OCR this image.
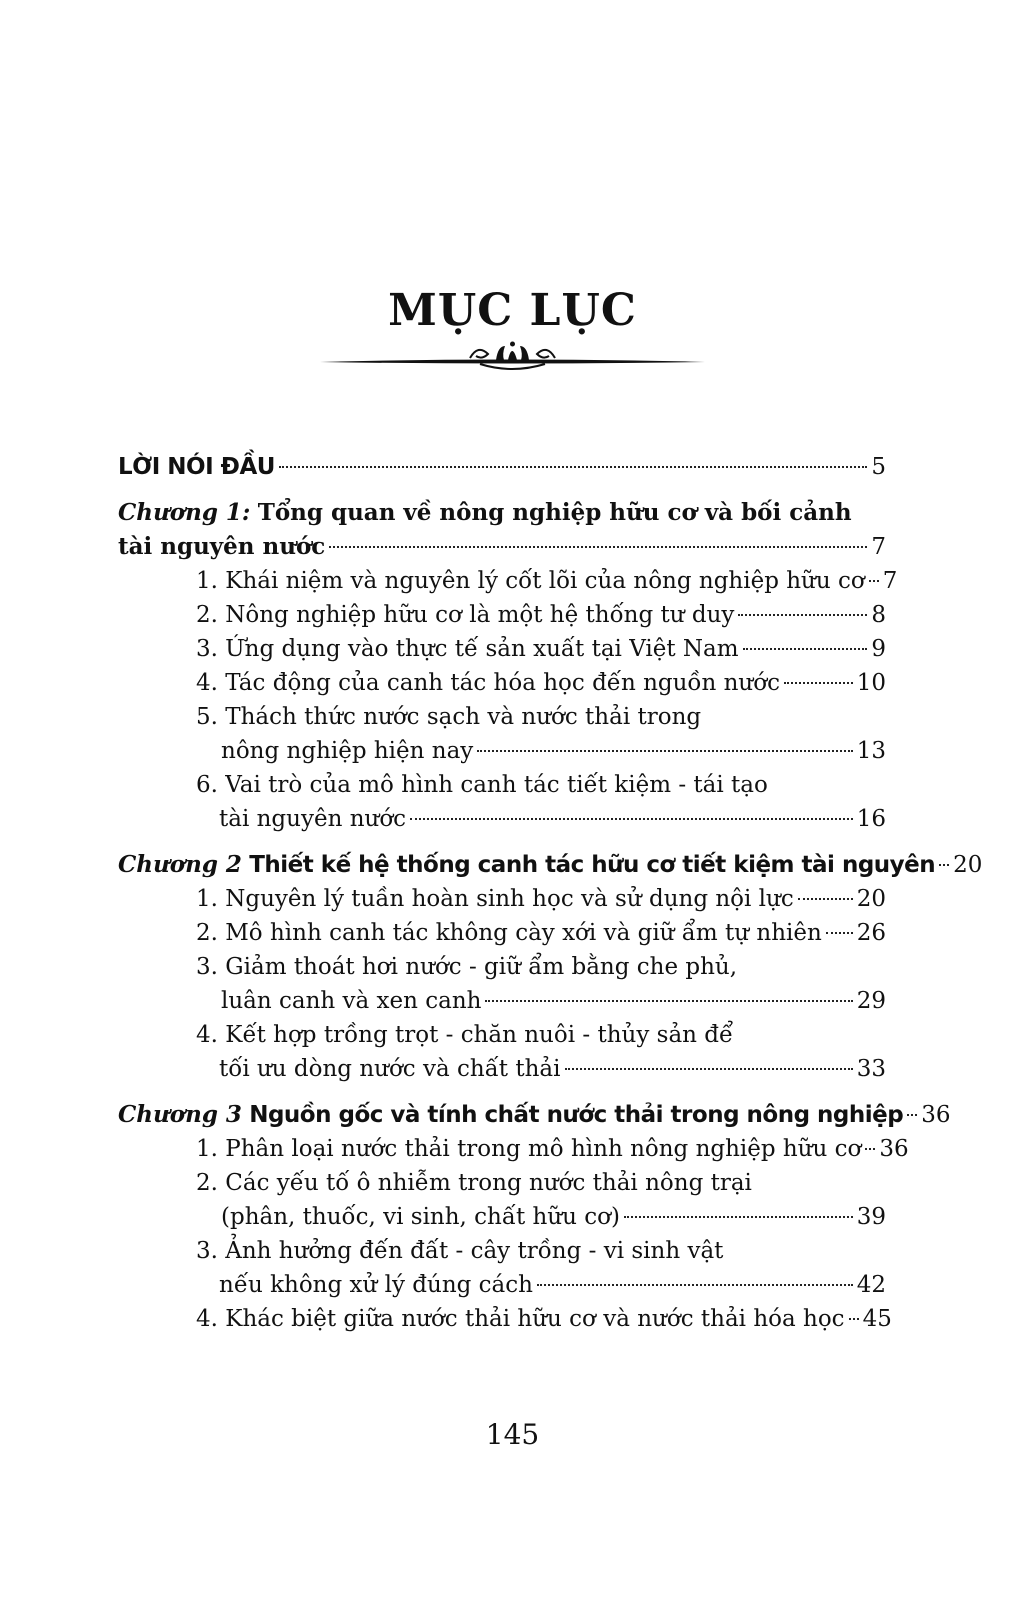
MỤC LỤC
LỜI NÓI ĐẦU	5
Chương 1: Tổng quan về nông nghiệp hữu cơ và bối cảnh
tài nguyên nước	7
1. Khái niệm và nguyên lý cốt lõi của nông nghiệp hữu cơ 7
2. Nông nghiệp hữu cơ là một hệ thống tư duy	8
3. Ứng dụng vào thực tế sản xuất tại Việt Nam	9
4. Tác động của canh tác hóa học đến nguồn nước	10
5. Thách thức nước sạch và nước thải trong
nông nghiệp hiện nay	13
6. Vai trò của mô hình canh tác tiết kiệm - tái tạo
tài nguyên nước	16
Chương 2 Thiết kế hệ thống canh tác hữu cơ tiết kiệm tài nguyên 20
1. Nguyên lý tuần hoàn sinh học và sử dụng nội lực	20
2. Mô hình canh tác không cày xới và giữ ẩm tự nhiên 26
3. Giảm thoát hơi nước - giữ ẩm bằng che phủ,
luân canh và xen canh	29
4. Kết hợp trồng trọt - chăn nuôi - thủy sản để
tối ưu dòng nước và chất thải	33
Chương 3 Nguồn gốc và tính chất nước thải trong nông nghiệp 36
1. Phân loại nước thải trong mô hình nông nghiệp hữu cơ 36
2. Các yếu tố ô nhiễm trong nước thải nông trại
(phân, thuốc, vi sinh, chất hữu cơ)	39
3. Ảnh hưởng đến đất - cây trồng - vi sinh vật
nếu không xử lý đúng cách	42
4. Khác biệt giữa nước thải hữu cơ và nước thải hóa học 45
145
